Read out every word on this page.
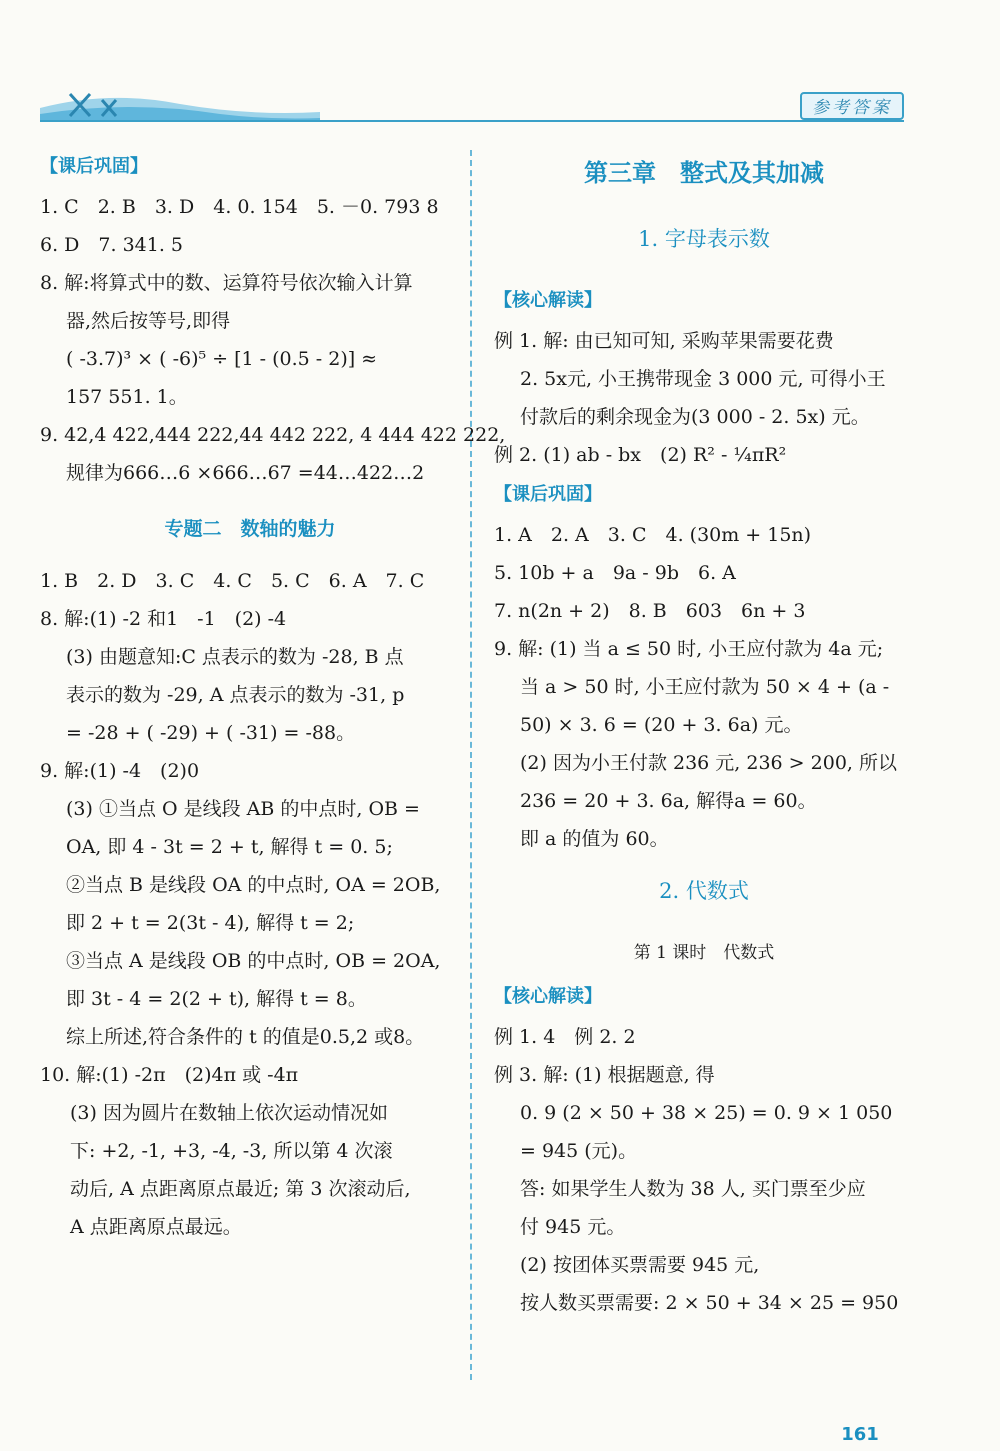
参考答案
【课后巩固】
1. C　2. B　3. D　4. 0. 154　5. －0. 793 8
6. D　7. 341. 5
8. 解:将算式中的数、运算符号依次输入计算
器,然后按等号,即得
( -3.7)³ × ( -6)⁵ ÷ [1 - (0.5 - 2)] ≈
157 551. 1。
9. 42,4 422,444 222,44 442 222, 4 444 422 222,
规律为666…6 ×666…67 =44…422…2
专题二　数轴的魅力
1. B　2. D　3. C　4. C　5. C　6. A　7. C
8. 解:(1) -2 和1　-1　(2) -4
(3) 由题意知:C 点表示的数为 -28, B 点
表示的数为 -29, A 点表示的数为 -31, p
= -28 + ( -29) + ( -31) = -88。
9. 解:(1) -4　(2)0
(3) ①当点 O 是线段 AB 的中点时, OB =
OA, 即 4 - 3t = 2 + t, 解得 t = 0. 5;
②当点 B 是线段 OA 的中点时, OA = 2OB,
即 2 + t = 2(3t - 4), 解得 t = 2;
③当点 A 是线段 OB 的中点时, OB = 2OA,
即 3t - 4 = 2(2 + t), 解得 t = 8。
综上所述,符合条件的 t 的值是0.5,2 或8。
10. 解:(1) -2π　(2)4π 或 -4π
(3) 因为圆片在数轴上依次运动情况如
下: +2, -1, +3, -4, -3, 所以第 4 次滚
动后, A 点距离原点最近; 第 3 次滚动后,
A 点距离原点最远。
第三章　整式及其加减
1. 字母表示数
【核心解读】
例 1. 解: 由已知可知, 采购苹果需要花费
2. 5x元, 小王携带现金 3 000 元, 可得小王
付款后的剩余现金为(3 000 - 2. 5x) 元。
例 2. (1) ab - bx　(2) R² - ¼πR²
【课后巩固】
1. A　2. A　3. C　4. (30m + 15n)
5. 10b + a　9a - 9b　6. A
7. n(2n + 2)　8. B　603　6n + 3
9. 解: (1) 当 a ≤ 50 时, 小王应付款为 4a 元;
当 a > 50 时, 小王应付款为 50 × 4 + (a -
50) × 3. 6 = (20 + 3. 6a) 元。
(2) 因为小王付款 236 元, 236 > 200, 所以
236 = 20 + 3. 6a, 解得a = 60。
即 a 的值为 60。
2. 代数式
第 1 课时　代数式
【核心解读】
例 1. 4　例 2. 2
例 3. 解: (1) 根据题意, 得
0. 9 (2 × 50 + 38 × 25) = 0. 9 × 1 050
= 945 (元)。
答: 如果学生人数为 38 人, 买门票至少应
付 945 元。
(2) 按团体买票需要 945 元,
按人数买票需要: 2 × 50 + 34 × 25 = 950
161
